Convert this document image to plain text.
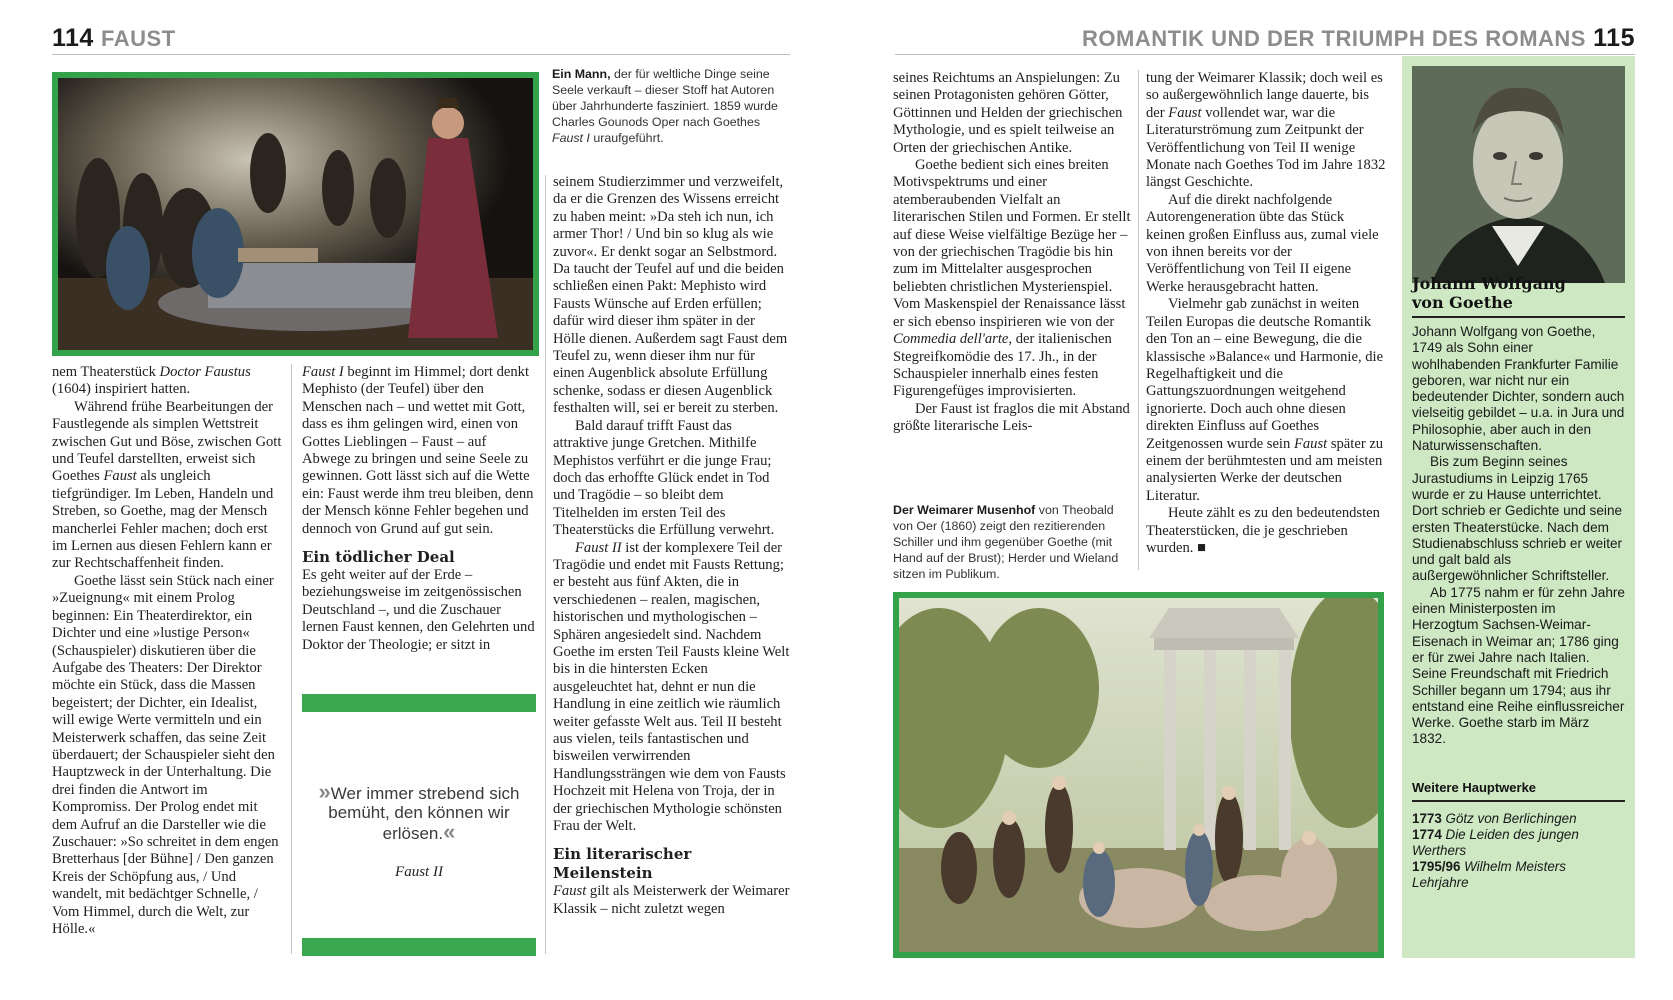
114 FAUST	ROMANTIK UND DER TRIUMPH DES ROMANS 115
Ein Mann, der für weltliche Dinge seine Seele verkauft – dieser Stoff hat Autoren über Jahrhunderte fasziniert. 1859 wurde Charles Gounods Oper nach Goethes Faust I uraufgeführt.

nem Theaterstück Doctor Faustus (1604) inspiriert hatten.

Während frühe Bearbeitungen der Faustlegende als simplen Wettstreit zwischen Gut und Böse, zwischen Gott und Teufel darstellten, erweist sich Goethes Faust als ungleich tiefgründiger. Im Leben, Handeln und Streben, so Goethe, mag der Mensch mancherlei Fehler machen; doch erst im Lernen aus diesen Fehlern kann er zur Rechtschaffenheit finden.

Goethe lässt sein Stück nach einer »Zueignung« mit einem Prolog beginnen: Ein Theaterdirektor, ein Dichter und eine »lustige Person« (Schauspieler) diskutieren über die Aufgabe des Theaters: Der Direktor möchte ein Stück, dass die Massen begeistert; der Dichter, ein Idealist, will ewige Werte vermitteln und ein Meisterwerk schaffen, das seine Zeit überdauert; der Schauspieler sieht den Hauptzweck in der Unterhaltung. Die drei finden die Antwort im Kompromiss. Der Prolog endet mit dem Aufruf an die Darsteller wie die Zuschauer: »So schreitet in dem engen Bretterhaus [der Bühne] / Den ganzen Kreis der Schöpfung aus, / Und wandelt, mit bedächtger Schnelle, / Vom Himmel, durch die Welt, zur Hölle.«

Faust I beginnt im Himmel; dort denkt Mephisto (der Teufel) über den Menschen nach – und wettet mit Gott, dass es ihm gelingen wird, einen von Gottes Lieblingen – Faust – auf Abwege zu bringen und seine Seele zu gewinnen. Gott lässt sich auf die Wette ein: Faust werde ihm treu bleiben, denn der Mensch könne Fehler begehen und dennoch von Grund auf gut sein.

Ein tödlicher Deal

Es geht weiter auf der Erde – beziehungsweise im zeitgenössischen Deutschland –, und die Zuschauer lernen Faust kennen, den Gelehrten und Doktor der Theologie; er sitzt in

»Wer immer strebend sich bemüht, den können wir erlösen.«
Faust II

seinem Studierzimmer und verzweifelt, da er die Grenzen des Wissens erreicht zu haben meint: »Da steh ich nun, ich armer Thor! / Und bin so klug als wie zuvor«. Er denkt sogar an Selbstmord. Da taucht der Teufel auf und die beiden schließen einen Pakt: Mephisto wird Fausts Wünsche auf Erden erfüllen; dafür wird dieser ihm später in der Hölle dienen. Außerdem sagt Faust dem Teufel zu, wenn dieser ihm nur für einen Augenblick absolute Erfüllung schenke, sodass er diesen Augenblick festhalten will, sei er bereit zu sterben.

Bald darauf trifft Faust das attraktive junge Gretchen. Mithilfe Mephistos verführt er die junge Frau; doch das erhoffte Glück endet in Tod und Tragödie – so bleibt dem Titelhelden im ersten Teil des Theaterstücks die Erfüllung verwehrt.

Faust II ist der komplexere Teil der Tragödie und endet mit Fausts Rettung; er besteht aus fünf Akten, die in verschiedenen – realen, magischen, historischen und mythologischen – Sphären angesiedelt sind. Nachdem Goethe im ersten Teil Fausts kleine Welt bis in die hintersten Ecken ausgeleuchtet hat, dehnt er nun die Handlung in eine zeitlich wie räumlich weiter gefasste Welt aus. Teil II besteht aus vielen, teils fantastischen und bisweilen verwirrenden Handlungssträngen wie dem von Fausts Hochzeit mit Helena von Troja, der in der griechischen Mythologie schönsten Frau der Welt.

Ein literarischer Meilenstein

Faust gilt als Meisterwerk der Weimarer Klassik – nicht zuletzt wegen

seines Reichtums an Anspielungen: Zu seinen Protagonisten gehören Götter, Göttinnen und Helden der griechischen Mythologie, und es spielt teilweise an Orten der griechischen Antike.

Goethe bedient sich eines breiten Motivspektrums und einer atemberaubenden Vielfalt an literarischen Stilen und Formen. Er stellt auf diese Weise vielfältige Bezüge her – von der griechischen Tragödie bis hin zum im Mittelalter ausgesprochen beliebten christlichen Mysterienspiel. Vom Maskenspiel der Renaissance lässt er sich ebenso inspirieren wie von der Commedia dell'arte, der italienischen Stegreifkomödie des 17. Jh., in der Schauspieler innerhalb eines festen Figurengefüges improvisierten.

Der Faust ist fraglos die mit Abstand größte literarische Leis-

Der Weimarer Musenhof von Theobald von Oer (1860) zeigt den rezitierenden Schiller und ihm gegenüber Goethe (mit Hand auf der Brust); Herder und Wieland sitzen im Publikum.

tung der Weimarer Klassik; doch weil es so außergewöhnlich lange dauerte, bis der Faust vollendet war, war die Literaturströmung zum Zeitpunkt der Veröffentlichung von Teil II wenige Monate nach Goethes Tod im Jahre 1832 längst Geschichte.

Auf die direkt nachfolgende Autorengeneration übte das Stück keinen großen Einfluss aus, zumal viele von ihnen bereits vor der Veröffentlichung von Teil II eigene Werke herausgebracht hatten.

Vielmehr gab zunächst in weiten Teilen Europas die deutsche Romantik den Ton an – eine Bewegung, die die klassische »Balance« und Harmonie, die Regelhaftigkeit und die Gattungszuordnungen weitgehend ignorierte. Doch auch ohne diesen direkten Einfluss auf Goethes Zeitgenossen wurde sein Faust später zu einem der berühmtesten und am meisten analysierten Werke der deutschen Literatur.

Heute zählt es zu den bedeutendsten Theaterstücken, die je geschrieben wurden. ■

Johann Wolfgang
von Goethe

Johann Wolfgang von Goethe, 1749 als Sohn einer wohlhabenden Frankfurter Familie geboren, war nicht nur ein bedeutender Dichter, sondern auch vielseitig gebildet – u.a. in Jura und Philosophie, aber auch in den Naturwissenschaften.

Bis zum Beginn seines Jurastudiums in Leipzig 1765 wurde er zu Hause unterrichtet. Dort schrieb er Gedichte und seine ersten Theaterstücke. Nach dem Studienabschluss schrieb er weiter und galt bald als außergewöhnlicher Schriftsteller.

Ab 1775 nahm er für zehn Jahre einen Ministerposten im Herzogtum Sachsen-Weimar-Eisenach in Weimar an; 1786 ging er für zwei Jahre nach Italien. Seine Freundschaft mit Friedrich Schiller begann um 1794; aus ihr entstand eine Reihe einflussreicher Werke. Goethe starb im März 1832.

Weitere Hauptwerke
1773 Götz von Berlichingen
1774 Die Leiden des jungen Werthers
1795/96 Wilhelm Meisters Lehrjahre
